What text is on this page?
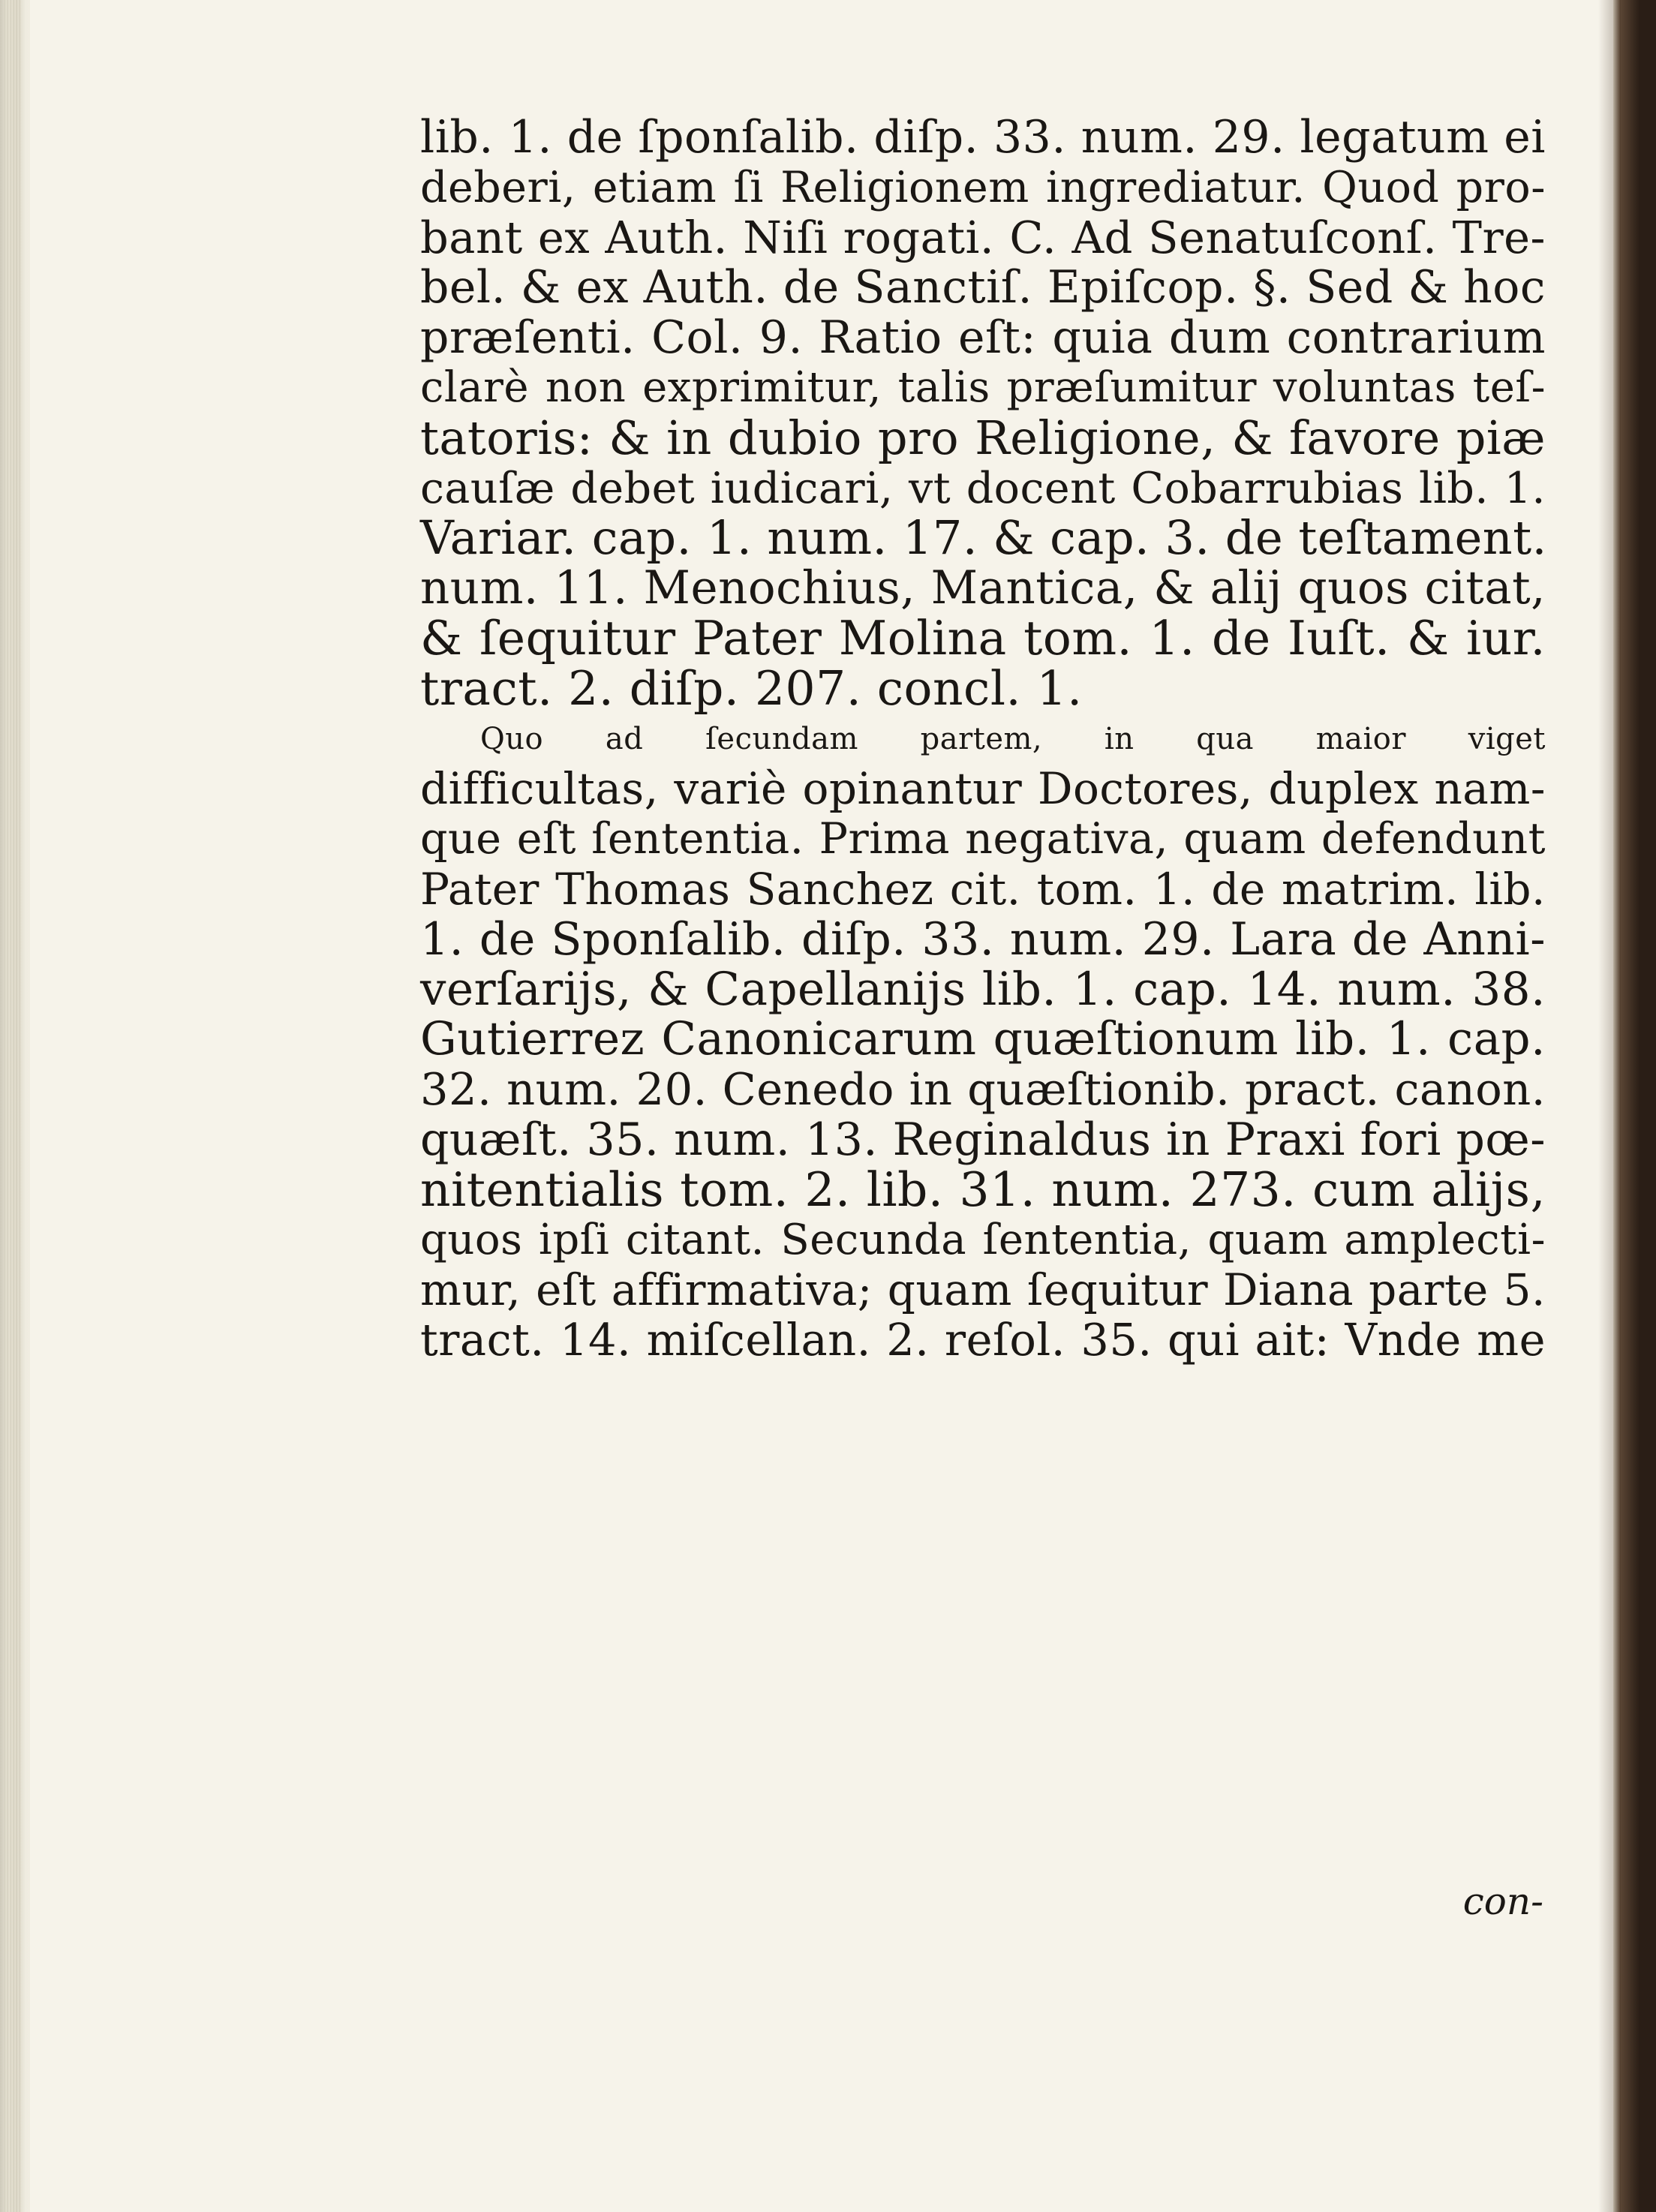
lib. 1. de ſponſalib. diſp. 33. num. 29. legatum ei
deberi, etiam ſi Religionem ingrediatur. Quod pro-
bant ex Auth. Niſi rogati. C. Ad Senatuſconſ. Tre-
bel. & ex Auth. de Sanctiſ. Epiſcop. §. Sed & hoc
præſenti. Col. 9. Ratio eſt: quia dum contrarium
clarè non exprimitur, talis præſumitur voluntas teſ-
tatoris: & in dubio pro Religione, & favore piæ
cauſæ debet iudicari, vt docent Cobarrubias lib. 1.
Variar. cap. 1. num. 17. & cap. 3. de teſtament.
num. 11. Menochius, Mantica, & alij quos citat,
& ſequitur Pater Molina tom. 1. de Iuſt. & iur.
tract. 2. diſp. 207. concl. 1.
Quo ad ſecundam partem, in qua maior viget
difficultas, variè opinantur Doctores, duplex nam-
que eſt ſententia. Prima negativa, quam defendunt
Pater Thomas Sanchez cit. tom. 1. de matrim. lib.
1. de Sponſalib. diſp. 33. num. 29. Lara de Anni-
verſarijs, & Capellanijs lib. 1. cap. 14. num. 38.
Gutierrez Canonicarum quæſtionum lib. 1. cap.
32. num. 20. Cenedo in quæſtionib. pract. canon.
quæſt. 35. num. 13. Reginaldus in Praxi fori pœ-
nitentialis tom. 2. lib. 31. num. 273. cum alijs,
quos ipſi citant. Secunda ſententia, quam amplecti-
mur, eſt affirmativa; quam ſequitur Diana parte 5.
tract. 14. miſcellan. 2. reſol. 35. qui ait: Vnde me
con-
